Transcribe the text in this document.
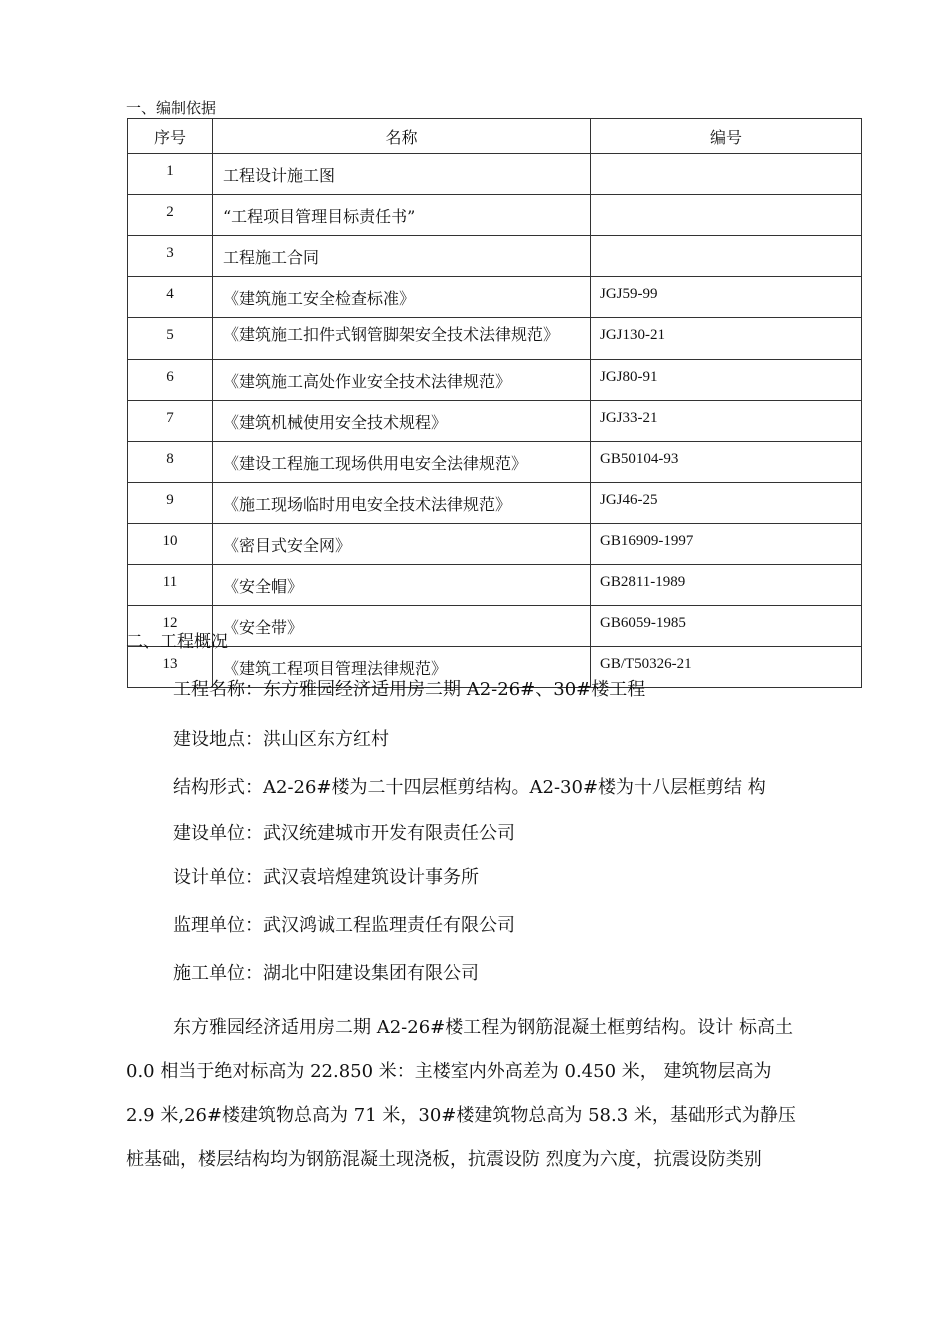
一、编制依据
序号	名称	编号
1	工程设计施工图	
2	“工程项目管理目标责任书”	
3	工程施工合同	
4	《建筑施工安全检查标准》	JGJ59-99
5	《建筑施工扣件式钢管脚架安全技术法律规范》	JGJ130-21
6	《建筑施工高处作业安全技术法律规范》	JGJ80-91
7	《建筑机械使用安全技术规程》	JGJ33-21
8	《建设工程施工现场供用电安全法律规范》	GB50104-93
9	《施工现场临时用电安全技术法律规范》	JGJ46-25
10	《密目式安全网》	GB16909-1997
11	《安全帽》	GB2811-1989
12	《安全带》	GB6059-1985
13	《建筑工程项目管理法律规范》	GB/T50326-21
二、工程概况
工程名称：东方雅园经济适用房二期 A2-26#、30#楼工程
建设地点：洪山区东方红村
结构形式：A2-26#楼为二十四层框剪结构。A2-30#楼为十八层框剪结 构
建设单位：武汉统建城市开发有限责任公司
设计单位：武汉袁培煌建筑设计事务所
监理单位：武汉鸿诚工程监理责任有限公司
施工单位：湖北中阳建设集团有限公司
东方雅园经济适用房二期 A2-26#楼工程为钢筋混凝土框剪结构。设计 标高土
0.0 相当于绝对标高为 22.850 米：主楼室内外高差为 0.450 米， 建筑物层高为
2.9 米,26#楼建筑物总高为 71 米，30#楼建筑物总高为 58.3 米，基础形式为静压
桩基础，楼层结构均为钢筋混凝土现浇板，抗震设防 烈度为六度，抗震设防类别
